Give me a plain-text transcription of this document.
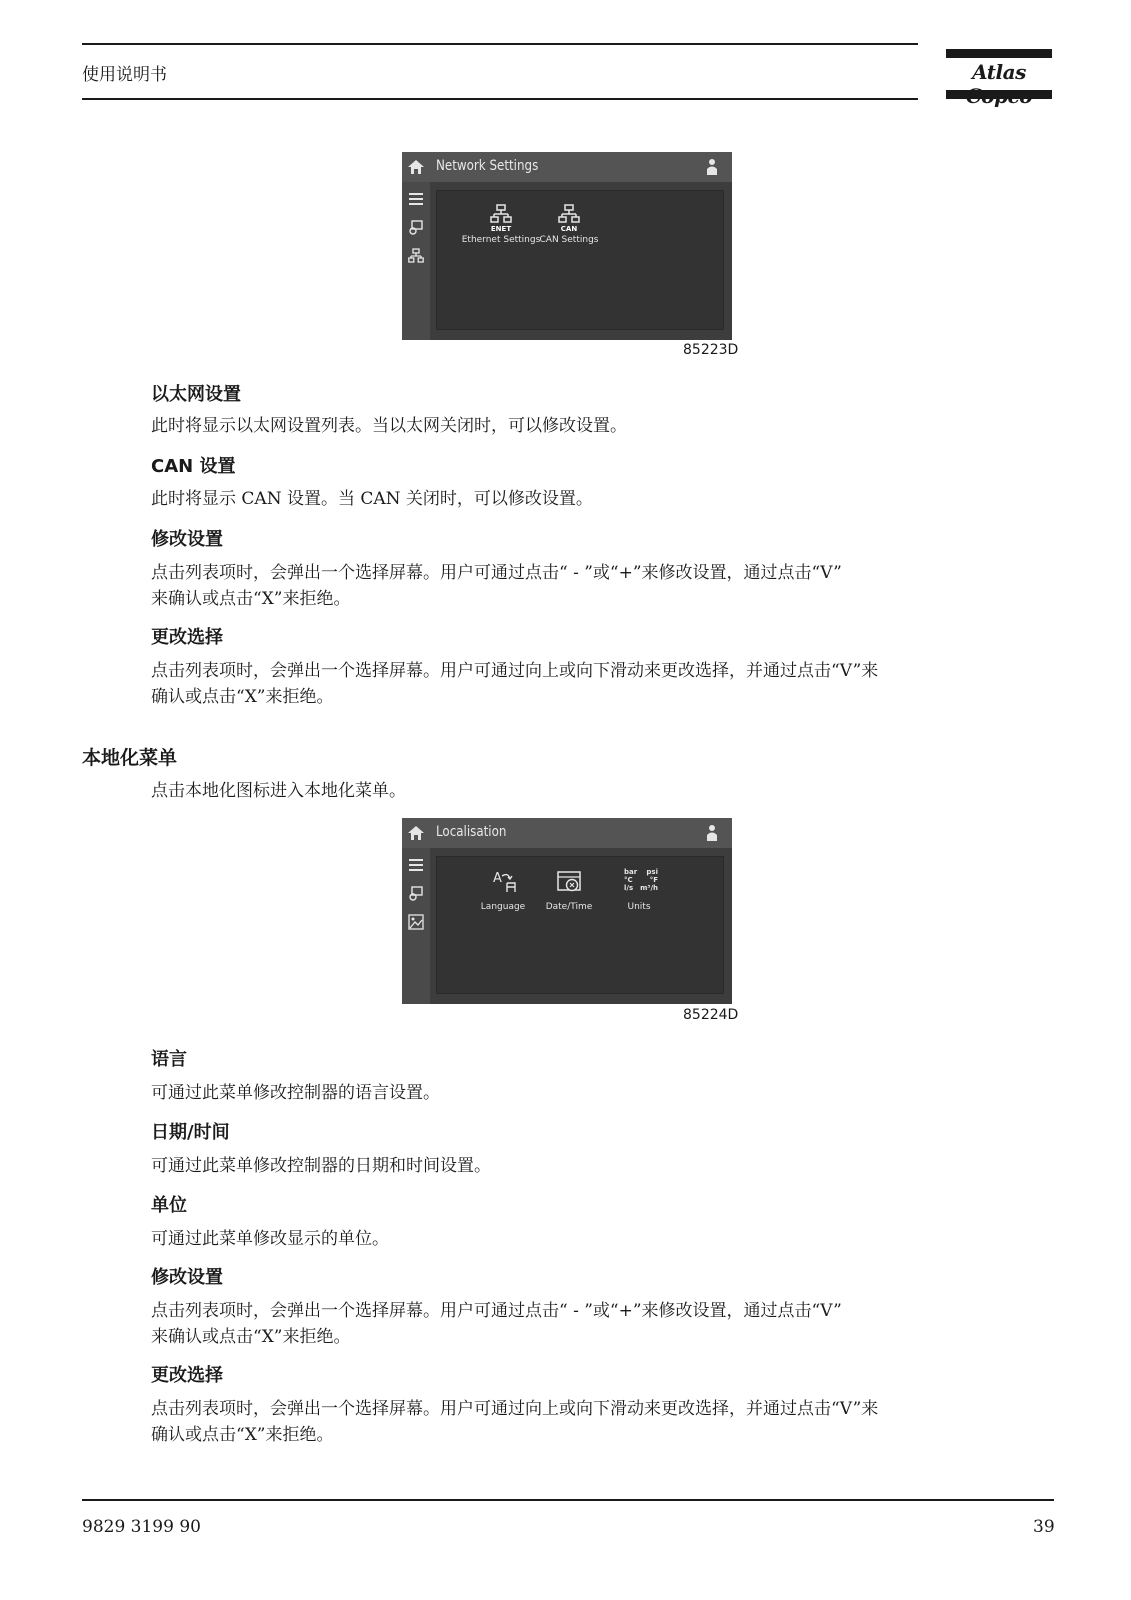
使用说明书	Atlas
Network Settings
ENET
Ethernet Settings
CAN
CAN Settings
85223D
以太网设置
此时将显示以太网设置列表。当以太网关闭时，可以修改设置。
CAN 设置
此时将显示 CAN 设置。当 CAN 关闭时，可以修改设置。
修改设置
点击列表项时，会弹出一个选择屏幕。用户可通过点击“ - ”或“+”来修改设置，通过点击“V”
来确认或点击“X”来拒绝。
更改选择
点击列表项时，会弹出一个选择屏幕。用户可通过向上或向下滑动来更改选择，并通过点击“V”来
确认或点击“X”来拒绝。
本地化菜单
点击本地化图标进入本地化菜单。
Localisation
A
Language Date/Time
bar psi
°C °F
l/s m³/h
Units
85224D
语言
可通过此菜单修改控制器的语言设置。
日期/时间
可通过此菜单修改控制器的日期和时间设置。
单位
可通过此菜单修改显示的单位。
修改设置
点击列表项时，会弹出一个选择屏幕。用户可通过点击“ - ”或“+”来修改设置，通过点击“V”
来确认或点击“X”来拒绝。
更改选择
点击列表项时，会弹出一个选择屏幕。用户可通过向上或向下滑动来更改选择，并通过点击“V”来
确认或点击“X”来拒绝。
9829 3199 90	39
